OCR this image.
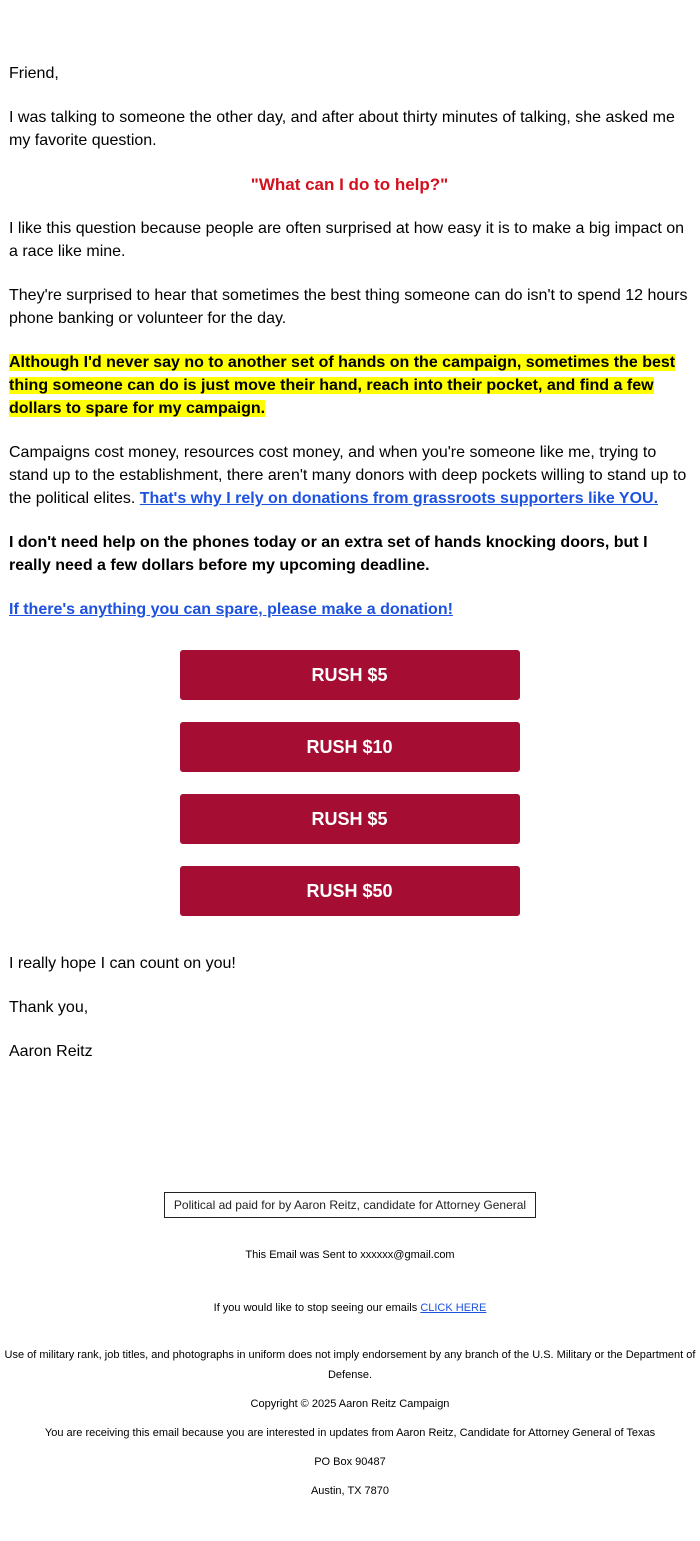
Friend,

I was talking to someone the other day, and after about thirty minutes of talking, she asked me my favorite question.

"What can I do to help?"

I like this question because people are often surprised at how easy it is to make a big impact on a race like mine.

They're surprised to hear that sometimes the best thing someone can do isn't to spend 12 hours phone banking or volunteer for the day.

Although I'd never say no to another set of hands on the campaign, sometimes the best thing someone can do is just move their hand, reach into their pocket, and find a few dollars to spare for my campaign.

Campaigns cost money, resources cost money, and when you're someone like me, trying to stand up to the establishment, there aren't many donors with deep pockets willing to stand up to the political elites. That's why I rely on donations from grassroots supporters like YOU.

I don't need help on the phones today or an extra set of hands knocking doors, but I really need a few dollars before my upcoming deadline.

If there's anything you can spare, please make a donation!

RUSH $5
RUSH $10
RUSH $5
RUSH $50

I really hope I can count on you!

Thank you,

Aaron Reitz

Political ad paid for by Aaron Reitz, candidate for Attorney General

This Email was Sent to xxxxxx@gmail.com

If you would like to stop seeing our emails CLICK HERE

Use of military rank, job titles, and photographs in uniform does not imply endorsement by any branch of the U.S. Military or the Department of Defense.

Copyright © 2025 Aaron Reitz Campaign

You are receiving this email because you are interested in updates from Aaron Reitz, Candidate for Attorney General of Texas

PO Box 90487

Austin, TX 7870
